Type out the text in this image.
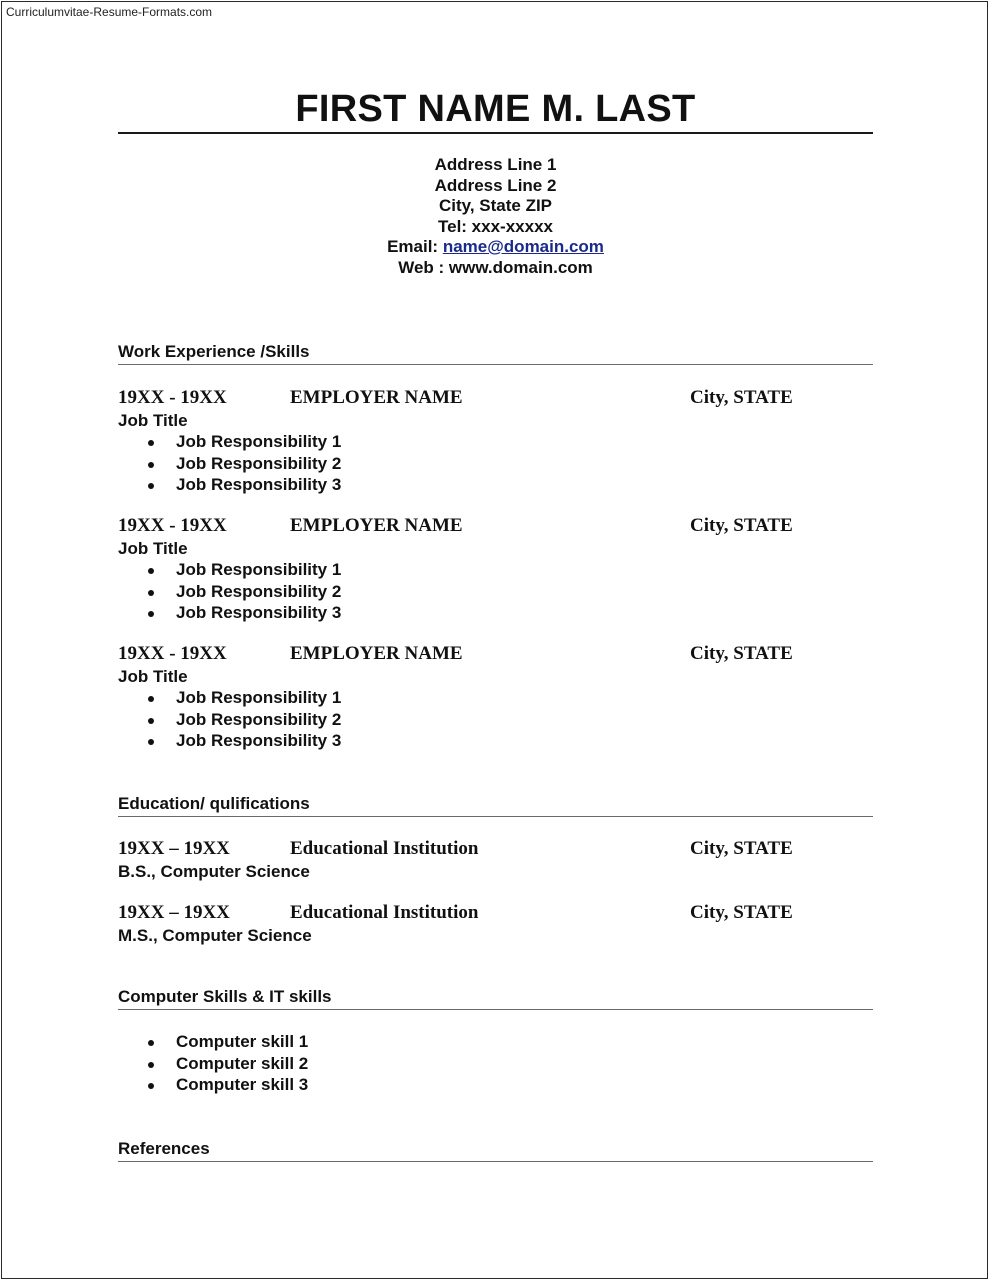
Curriculumvitae-Resume-Formats.com
FIRST NAME M. LAST
Address Line 1
Address Line 2
City, State ZIP
Tel: xxx-xxxxx
Email: name@domain.com
Web : www.domain.com
Work Experience /Skills
19XX - 19XX	EMPLOYER NAME	City, STATE
Job Title
Job Responsibility 1
Job Responsibility 2
Job Responsibility 3
19XX - 19XX	EMPLOYER NAME	City, STATE
Job Title
Job Responsibility 1
Job Responsibility 2
Job Responsibility 3
19XX - 19XX	EMPLOYER NAME	City, STATE
Job Title
Job Responsibility 1
Job Responsibility 2
Job Responsibility 3
Education/ qulifications
19XX – 19XX	Educational Institution	City, STATE
B.S., Computer Science
19XX – 19XX	Educational Institution	City, STATE
M.S., Computer Science
Computer Skills & IT skills
Computer skill 1
Computer skill 2
Computer skill 3
References
